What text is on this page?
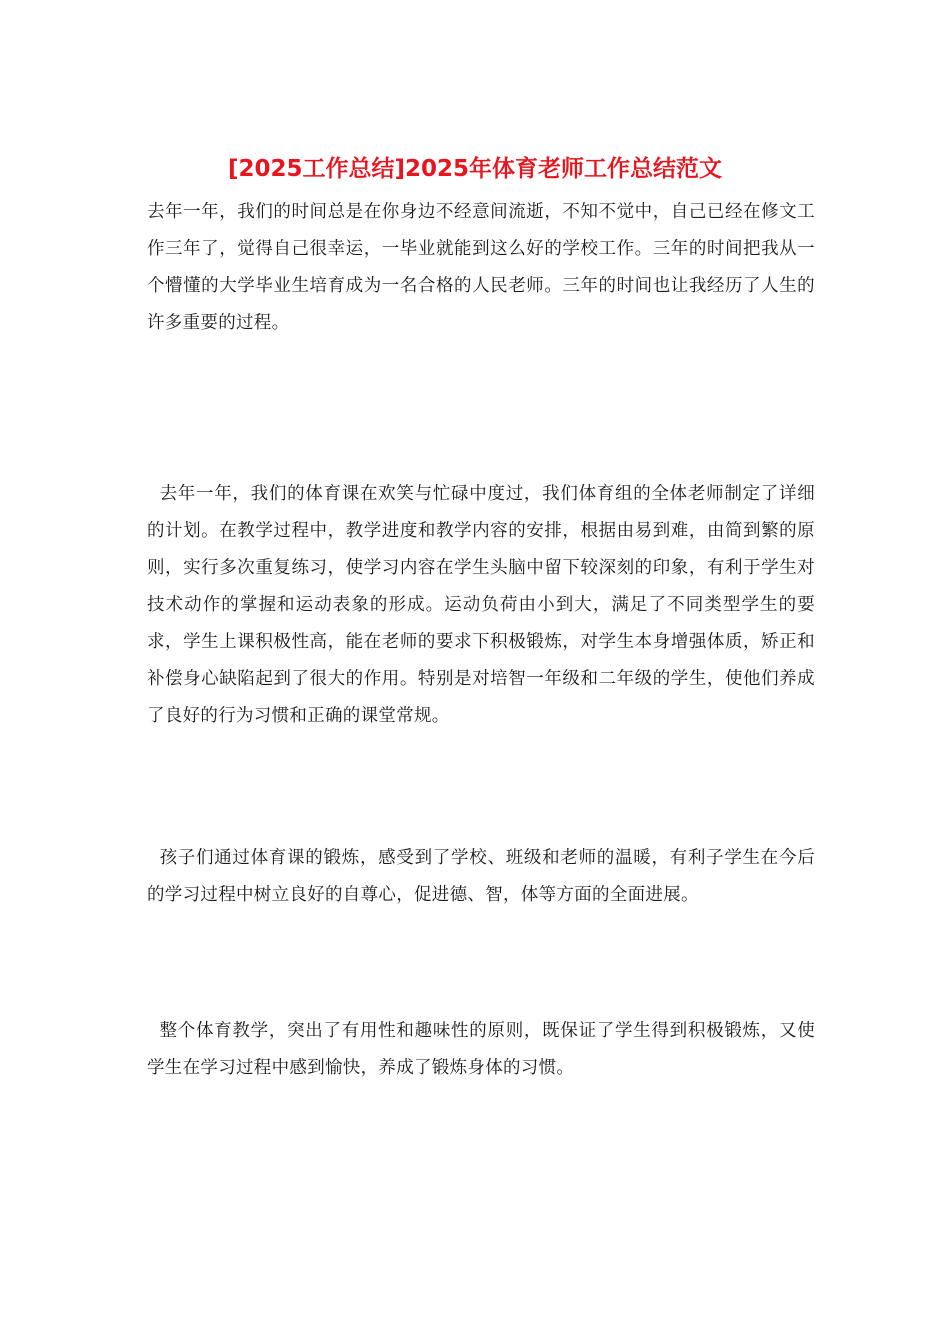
[2025工作总结]2025年体育老师工作总结范文

去年一年，我们的时间总是在你身边不经意间流逝，不知不觉中，自己已经在修文工作三年了，觉得自己很幸运，一毕业就能到这么好的学校工作。三年的时间把我从一个懵懂的大学毕业生培育成为一名合格的人民老师。三年的时间也让我经历了人生的许多重要的过程。

去年一年，我们的体育课在欢笑与忙碌中度过，我们体育组的全体老师制定了详细的计划。在教学过程中，教学进度和教学内容的安排，根据由易到难，由简到繁的原则，实行多次重复练习，使学习内容在学生头脑中留下较深刻的印象，有利于学生对技术动作的掌握和运动表象的形成。运动负荷由小到大，满足了不同类型学生的要求，学生上课积极性高，能在老师的要求下积极锻炼，对学生本身增强体质，矫正和补偿身心缺陷起到了很大的作用。特别是对培智一年级和二年级的学生，使他们养成了良好的行为习惯和正确的课堂常规。

孩子们通过体育课的锻炼，感受到了学校、班级和老师的温暖，有利子学生在今后的学习过程中树立良好的自尊心，促进德、智，体等方面的全面进展。

整个体育教学，突出了有用性和趣味性的原则，既保证了学生得到积极锻炼，又使学生在学习过程中感到愉快，养成了锻炼身体的习惯。
